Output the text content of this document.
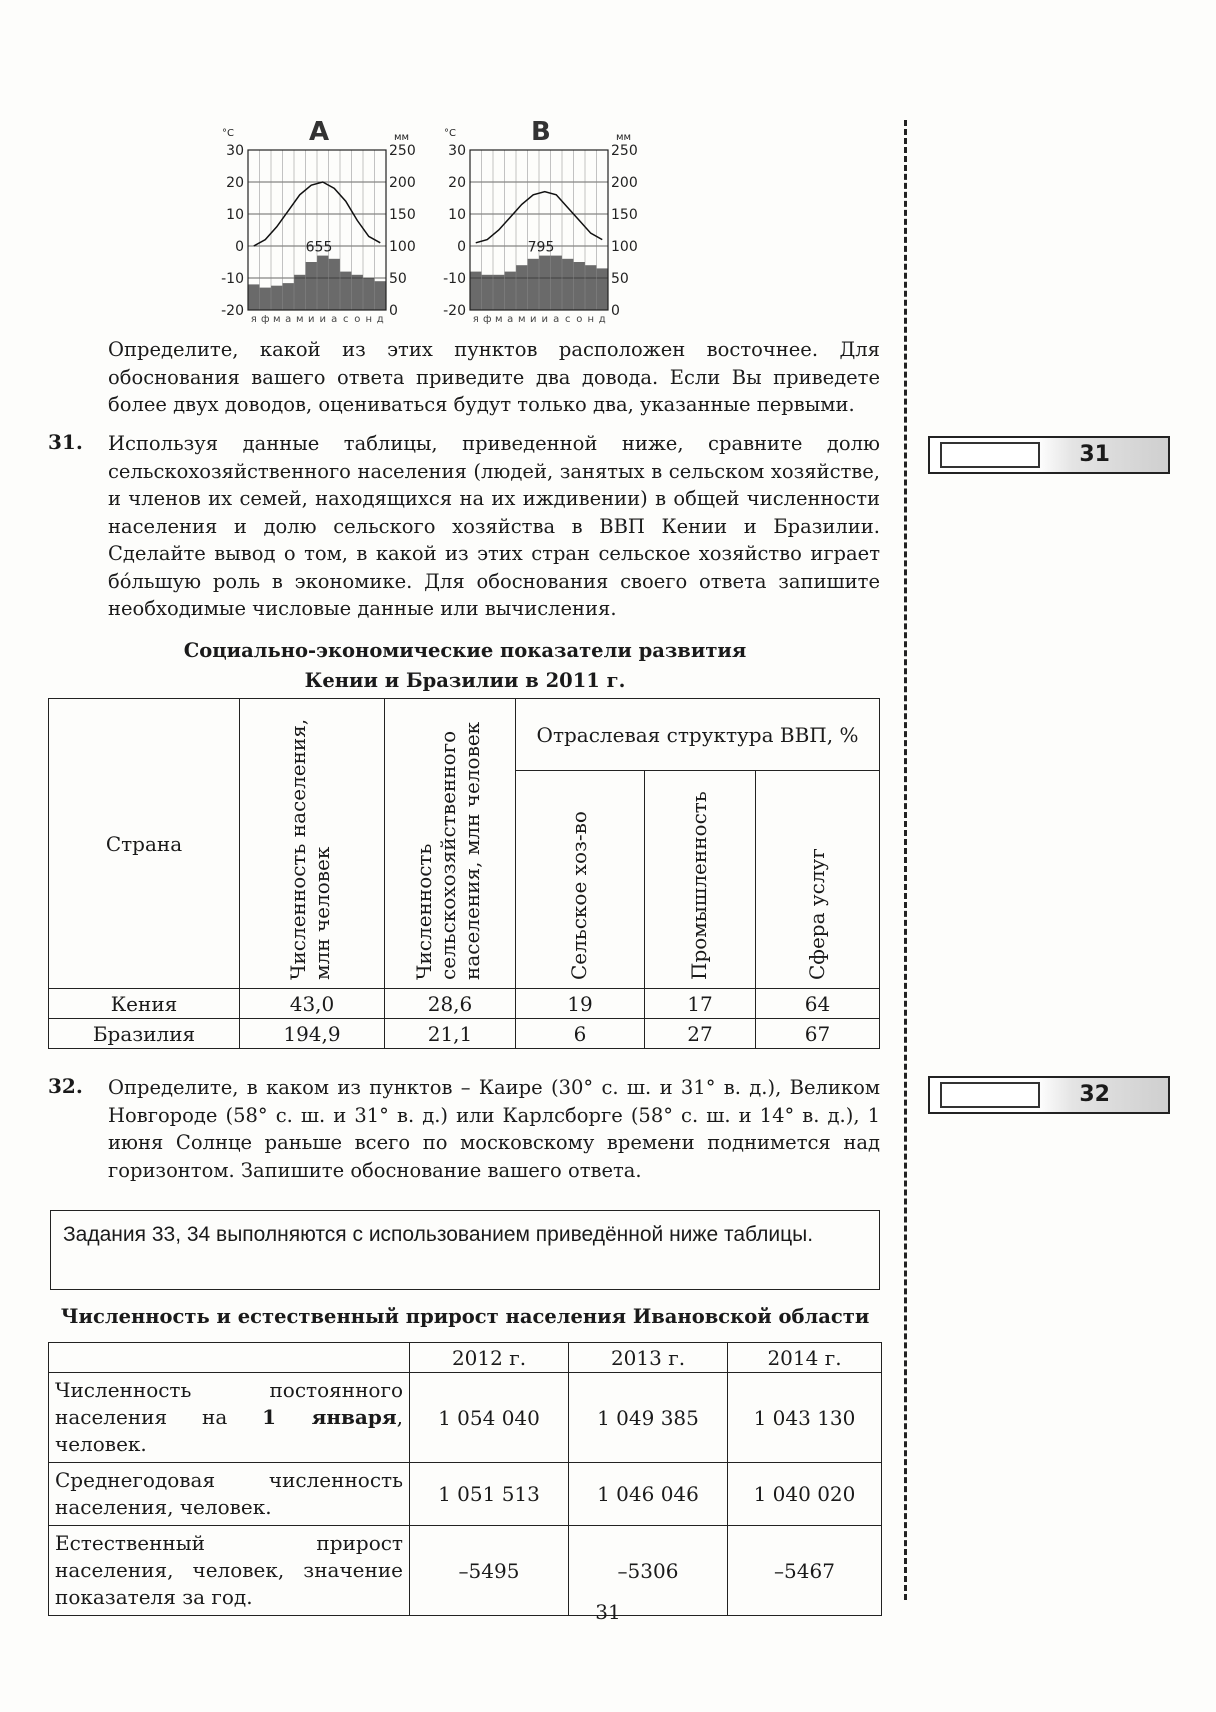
A
°C	мм
30
20
10
0
-10
-20
250
200
150
100
50
0
я ф м а м и и а с о н д
655
B
°C	мм
30
20
10
0
-10
-20
250
200
150
100
50
0
я ф м а м и и а с о н д
795
Определите, какой из этих пунктов расположен восточнее. Для обоснования вашего ответа приведите два довода. Если Вы приведете более двух доводов, оцениваться будут только два, указанные первыми.
31. Используя данные таблицы, приведенной ниже, сравните долю сельскохозяйственного населения (людей, занятых в сельском хозяйстве, и членов их семей, находящихся на их иждивении) в общей численности населения и долю сельского хозяйства в ВВП Кении и Бразилии. Сделайте вывод о том, в какой из этих стран сельское хозяйство играет бо́льшую роль в экономике. Для обоснования своего ответа запишите необходимые числовые данные или вычисления.
31
Социально-экономические показатели развития
Кении и Бразилии в 2011 г.
Страна	Численность населения, млн человек	Численность сельскохозяйственного населения, млн человек	Отраслевая структура ВВП, %		

			Сельское хоз-во	Промышленность	Сфера услуг

Кения	43,0	28,6	19	17	64
Бразилия	194,9	21,1	6	27	67
32. Определите, в каком из пунктов – Каире (30° с. ш. и 31° в. д.), Великом Новгороде (58° с. ш. и 31° в. д.) или Карлсборге (58° с. ш. и 14° в. д.), 1 июня Солнце раньше всего по московскому времени поднимется над горизонтом. Запишите обоснование вашего ответа.
32
Задания 33, 34 выполняются с использованием приведённой ниже таблицы.
Численность и естественный прирост населения Ивановской области
	2012 г.	2013 г.	2014 г.
Численность постоянного населения на 1 января, человек.	1 054 040	1 049 385	1 043 130
Среднегодовая численность населения, человек.	1 051 513	1 046 046	1 040 020
Естественный прирост населения, человек, значение показателя за год.	–5495	–5306	–5467
31
